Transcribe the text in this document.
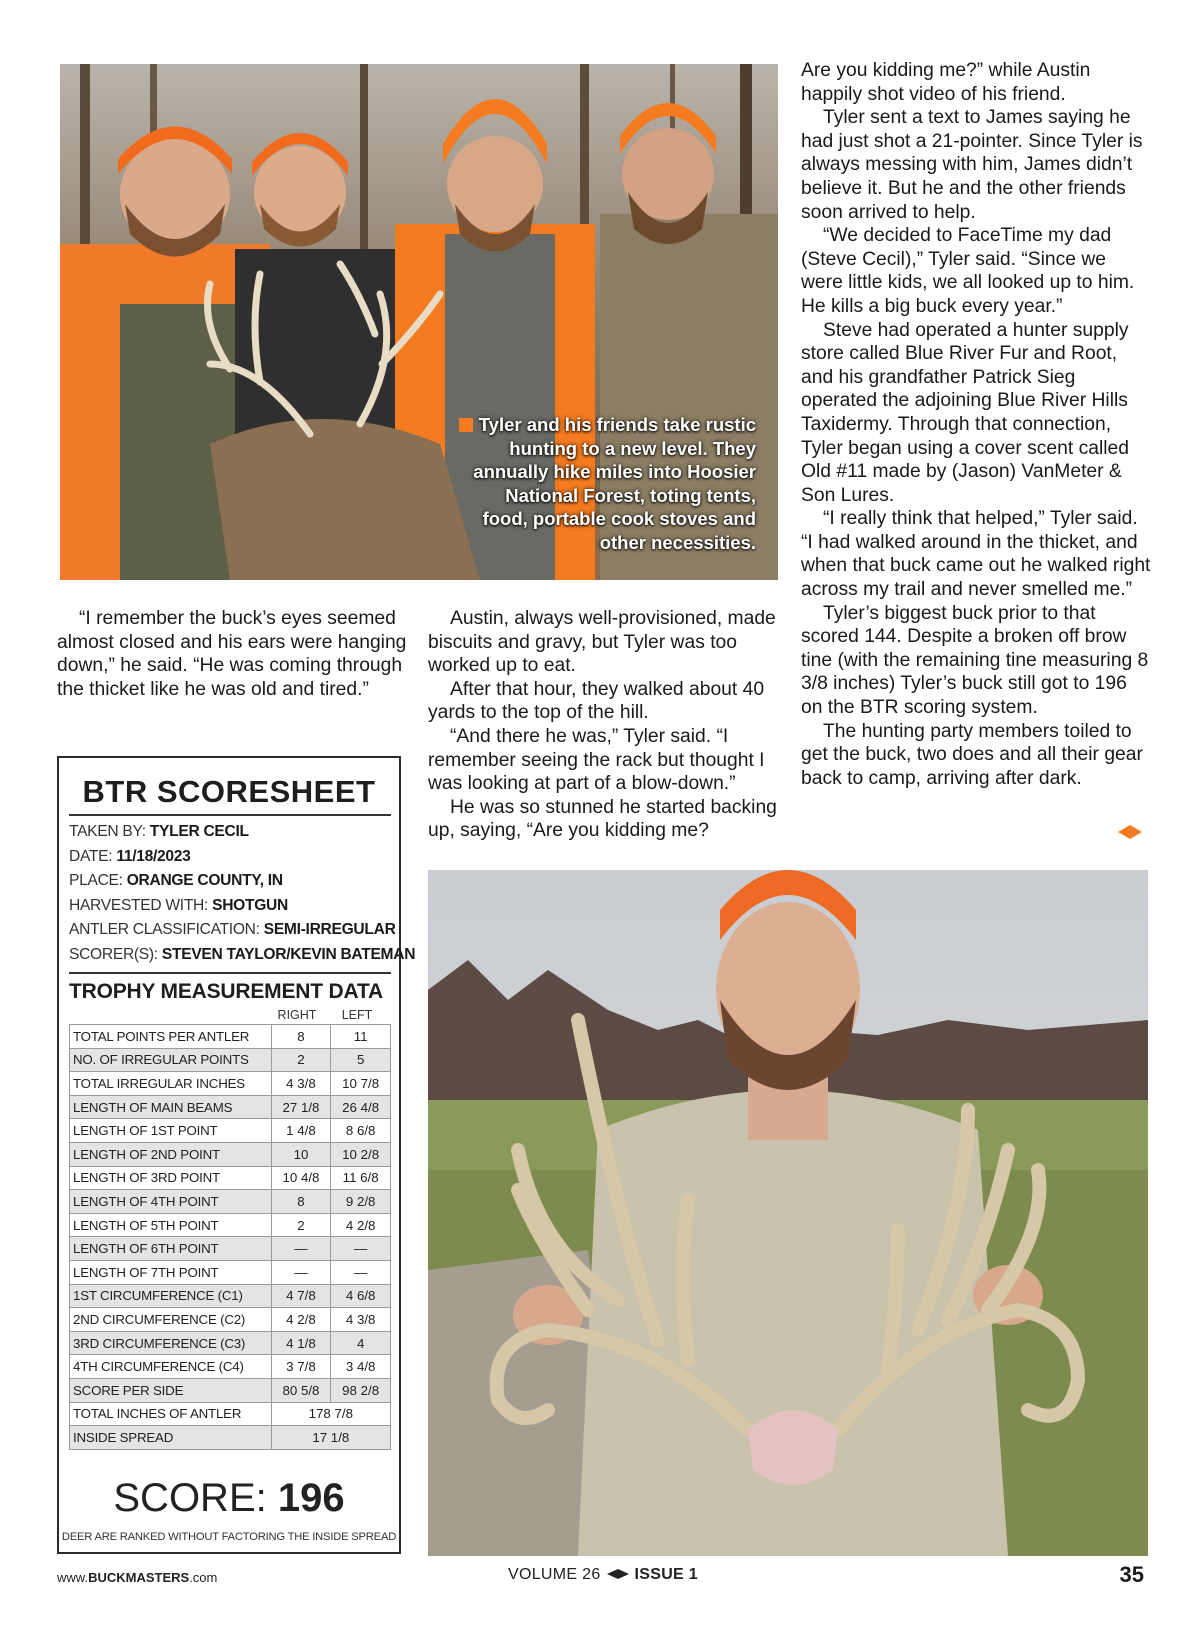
Tyler and his friends take rustic hunting to a new level. They annually hike miles into Hoosier National Forest, toting tents, food, portable cook stoves and other necessities.

Are you kidding me?” while Austin happily shot video of his friend.

Tyler sent a text to James saying he had just shot a 21-pointer. Since Tyler is always messing with him, James didn’t believe it. But he and the other friends soon arrived to help.

“We decided to FaceTime my dad (Steve Cecil),” Tyler said. “Since we were little kids, we all looked up to him. He kills a big buck every year.”

Steve had operated a hunter supply store called Blue River Fur and Root, and his grandfather Patrick Sieg operated the adjoining Blue River Hills Taxidermy. Through that connection, Tyler began using a cover scent called Old #11 made by (Jason) VanMeter & Son Lures.

“I really think that helped,” Tyler said. “I had walked around in the thicket, and when that buck came out he walked right across my trail and never smelled me.”

Tyler’s biggest buck prior to that scored 144. Despite a broken off brow tine (with the remaining tine measuring 8 3/8 inches) Tyler’s buck still got to 196 on the BTR scoring system.

The hunting party members toiled to get the buck, two does and all their gear back to camp, arriving after dark.

“I remember the buck’s eyes seemed almost closed and his ears were hanging down,” he said. “He was coming through the thicket like he was old and tired.”

Austin, always well-provisioned, made biscuits and gravy, but Tyler was too worked up to eat.

After that hour, they walked about 40 yards to the top of the hill.

“And there he was,” Tyler said. “I remember seeing the rack but thought I was looking at part of a blow-down.”

He was so stunned he started backing up, saying, “Are you kidding me?

BTR SCORESHEET
TAKEN BY: TYLER CECIL
DATE: 11/18/2023
PLACE: ORANGE COUNTY, IN
HARVESTED WITH: SHOTGUN
ANTLER CLASSIFICATION: SEMI-IRREGULAR
SCORER(S): STEVEN TAYLOR/KEVIN BATEMAN
TROPHY MEASUREMENT DATA
RIGHT	LEFT
TOTAL POINTS PER ANTLER	8	11
NO. OF IRREGULAR POINTS	2	5
TOTAL IRREGULAR INCHES	4 3/8	10 7/8
LENGTH OF MAIN BEAMS	27 1/8	26 4/8
LENGTH OF 1ST POINT	1 4/8	8 6/8
LENGTH OF 2ND POINT	10	10 2/8
LENGTH OF 3RD POINT	10 4/8	11 6/8
LENGTH OF 4TH POINT	8	9 2/8
LENGTH OF 5TH POINT	2	4 2/8
LENGTH OF 6TH POINT	—	—
LENGTH OF 7TH POINT	—	—
1ST CIRCUMFERENCE (C1)	4 7/8	4 6/8
2ND CIRCUMFERENCE (C2)	4 2/8	4 3/8
3RD CIRCUMFERENCE (C3)	4 1/8	4
4TH CIRCUMFERENCE (C4)	3 7/8	3 4/8
SCORE PER SIDE	80 5/8	98 2/8
TOTAL INCHES OF ANTLER	178 7/8	
INSIDE SPREAD	17 1/8	
SCORE: 196
DEER ARE RANKED WITHOUT FACTORING THE INSIDE SPREAD
www.BUCKMASTERS.com	VOLUME 26 ISSUE 1	35
